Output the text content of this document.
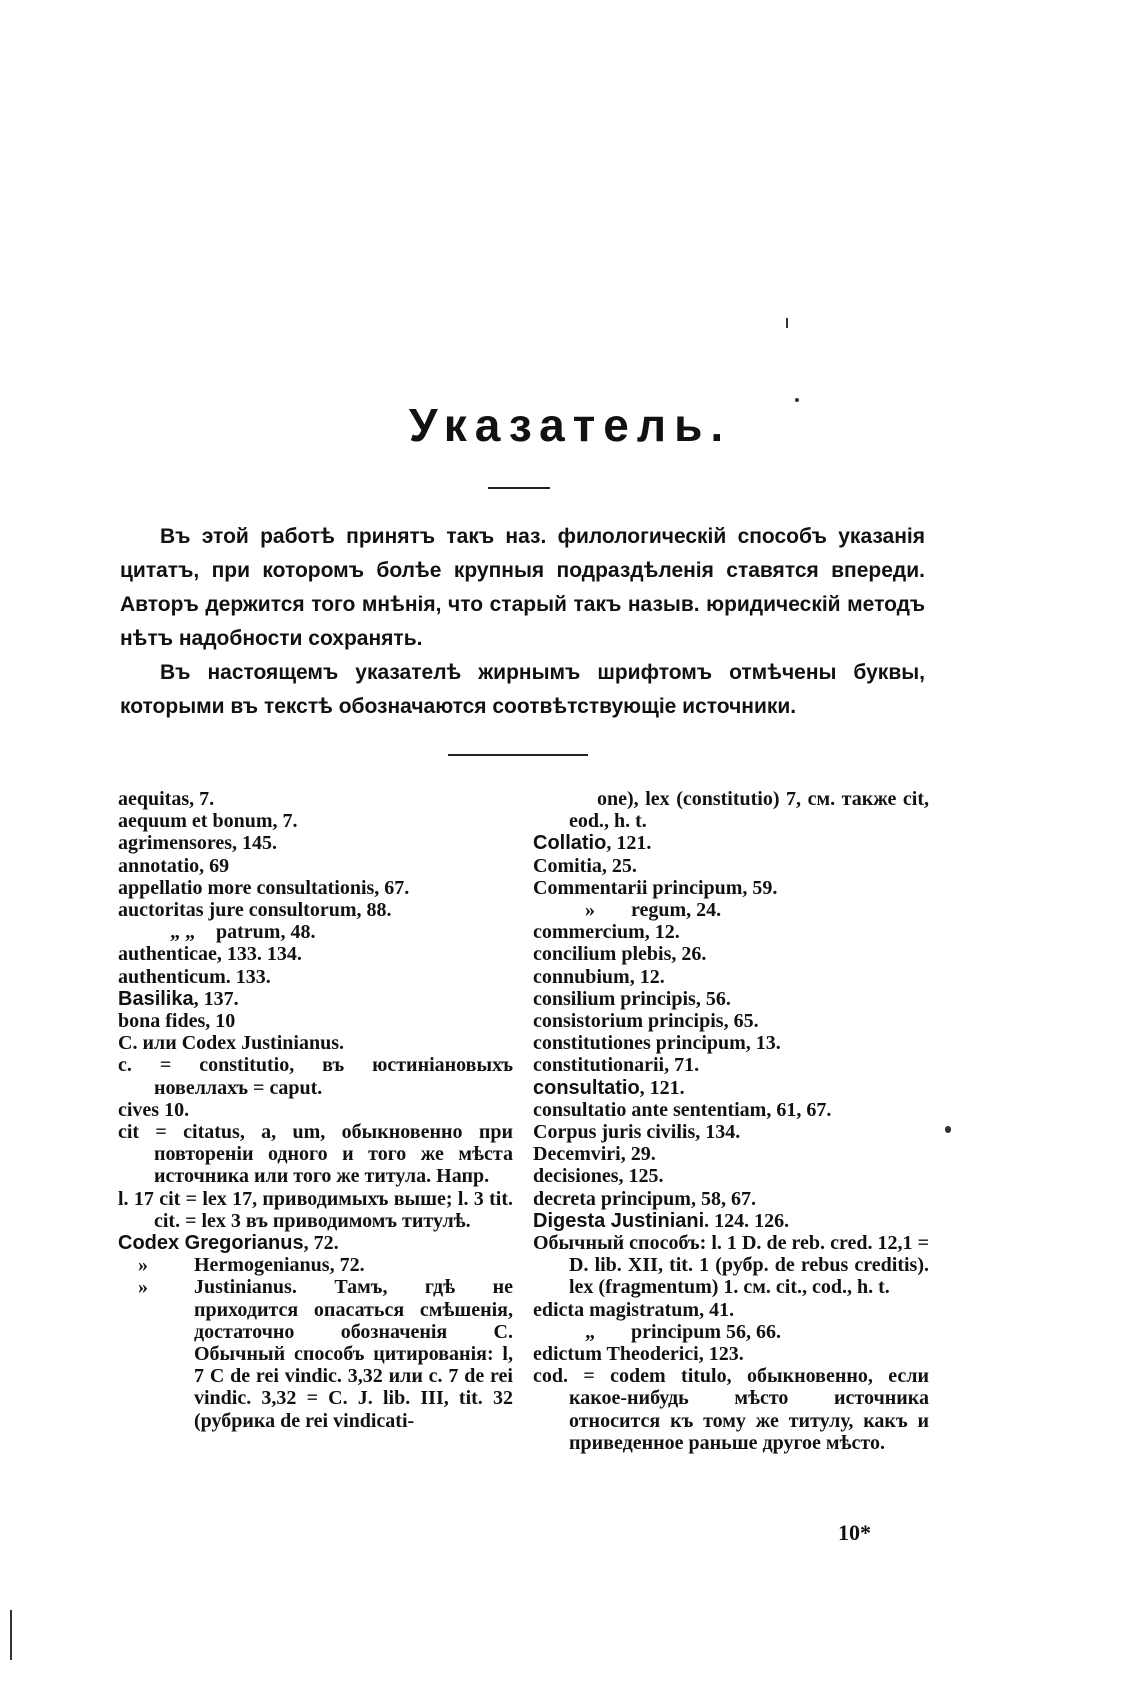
Указатель.

Въ этой работѣ принятъ такъ наз. филологическій способъ указанія цитатъ, при которомъ болѣе крупныя подраздѣленія ставятся впереди. Авторъ держится того мнѣнія, что старый такъ назыв. юридическій методъ нѣтъ надобности сохранять.

Въ настоящемъ указателѣ жирнымъ шрифтомъ отмѣчены буквы, которыми въ текстѣ обозначаются соотвѣтствующіе источники.

aequitas, 7.
aequum et bonum, 7.
agrimensores, 145.
annotatio, 69
appellatio more consultationis, 67.
auctoritas jure consultorum, 88.
„ „ patrum, 48.
authenticae, 133. 134.
authenticum. 133.
Basilika, 137.
bona fides, 10
C. или Codex Justinianus.
c. = constitutio, въ юстиніановыхъ новеллахъ = caput.
cives 10.
cit = citatus, a, um, обыкновенно при повтореніи одного и того же мѣста источника или того же титула. Напр.
l. 17 cit = lex 17, приводимыхъ выше; l. 3 tit. cit. = lex 3 въ приводимомъ титулѣ.
Codex Gregorianus, 72.
» Hermogenianus, 72.
» Justinianus. Тамъ, гдѣ не приходится опасаться смѣшенія, достаточно обозначенія C. Обычный способъ цитированія: l, 7 C de rei vindic. 3,32 или c. 7 de rei vindic. 3,32 = C. J. lib. III, tit. 32 (рубрика de rei vindicati-
one), lex (constitutio) 7, см. также cit, eod., h. t.
Collatio, 121.
Comitia, 25.
Commentarii principum, 59.
» regum, 24.
commercium, 12.
concilium plebis, 26.
connubium, 12.
consilium principis, 56.
consistorium principis, 65.
constitutiones principum, 13.
constitutionarii, 71.
consultatio, 121.
consultatio ante sententiam, 61, 67.
Corpus juris civilis, 134.
Decemviri, 29.
decisiones, 125.
decreta principum, 58, 67.
Digesta Justiniani. 124. 126.
Обычный способъ: l. 1 D. de reb. cred. 12,1 = D. lib. XII, tit. 1 (рубр. de rebus creditis). lex (fragmentum) 1. см. cit., cod., h. t.
edicta magistratum, 41.
„ principum 56, 66.
edictum Theoderici, 123.
cod. = codem titulo, обыкновенно, если какое-нибудь мѣсто источника относится къ тому же титулу, какъ и приведенное раньше другое мѣсто.
10*
